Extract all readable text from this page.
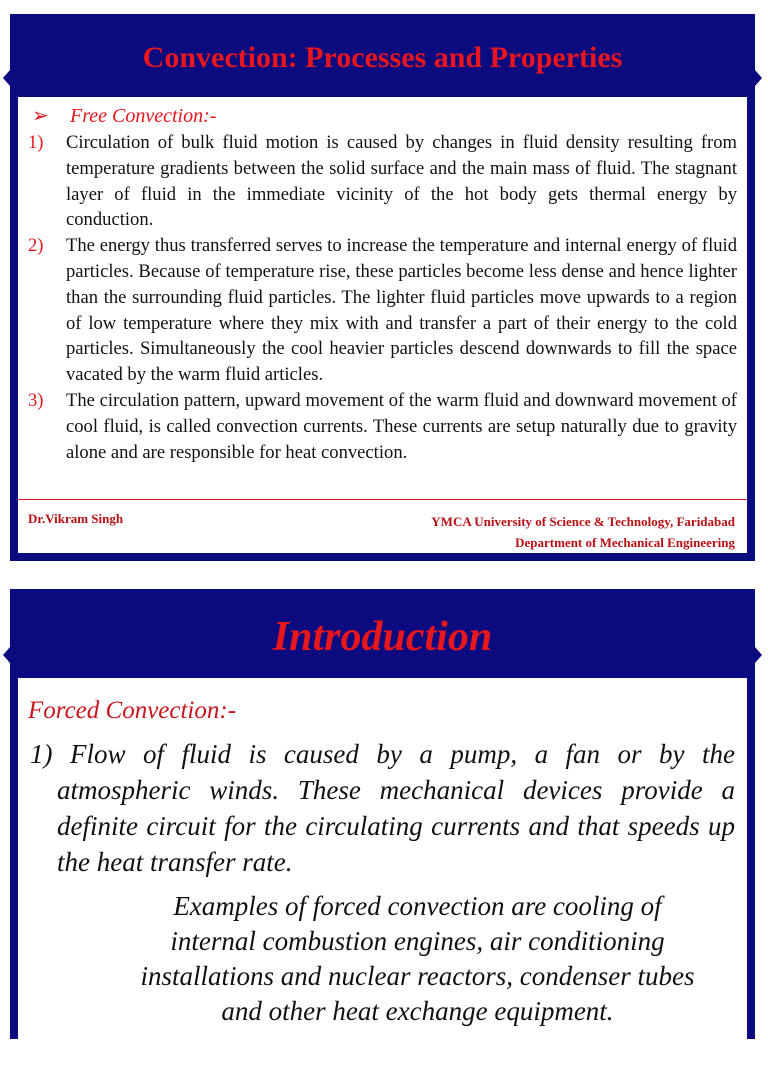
Convection: Processes and Properties
➢ Free Convection:-
1)	Circulation of bulk fluid motion is caused by changes in fluid density resulting from temperature gradients between the solid surface and the main mass of fluid. The stagnant layer of fluid in the immediate vicinity of the hot body gets thermal energy by conduction.
2)	The energy thus transferred serves to increase the temperature and internal energy of fluid particles. Because of temperature rise, these particles become less dense and hence lighter than the surrounding fluid particles. The lighter fluid particles move upwards to a region of low temperature where they mix with and transfer a part of their energy to the cold particles. Simultaneously the cool heavier particles descend downwards to fill the space vacated by the warm fluid articles.
3)	The circulation pattern, upward movement of the warm fluid and downward movement of cool fluid, is called convection currents. These currents are setup naturally due to gravity alone and are responsible for heat convection.
Dr.Vikram Singh	YMCA University of Science & Technology, Faridabad
Department of Mechanical Engineering
Introduction
Forced Convection:-
1) Flow of fluid is caused by a pump, a fan or by the atmospheric winds. These mechanical devices provide a definite circuit for the circulating currents and that speeds up the heat transfer rate.
Examples of forced convection are cooling of internal combustion engines, air conditioning installations and nuclear reactors, condenser tubes and other heat exchange equipment.
